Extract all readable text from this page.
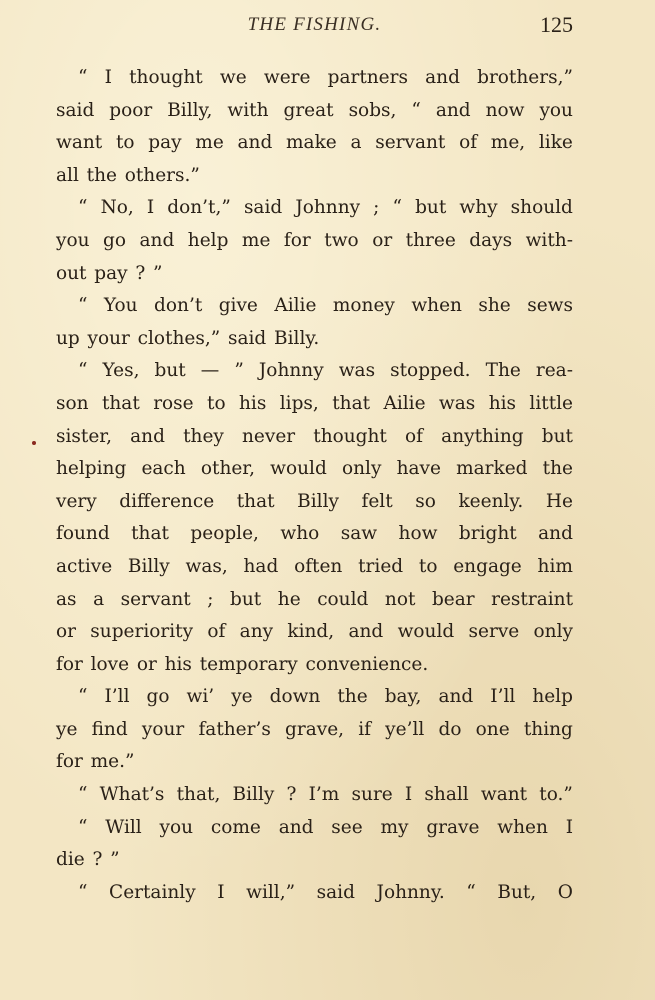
THE FISHING.	125
“ I thought we were partners and brothers,”
said poor Billy, with great sobs, “ and now you
want to pay me and make a servant of me, like
all the others.”
“ No, I don’t,” said Johnny ; “ but why should
you go and help me for two or three days with-
out pay ? ”
“ You don’t give Ailie money when she sews
up your clothes,” said Billy.
“ Yes, but — ” Johnny was stopped. The rea-
son that rose to his lips, that Ailie was his little
sister, and they never thought of anything but
helping each other, would only have marked the
very difference that Billy felt so keenly. He
found that people, who saw how bright and
active Billy was, had often tried to engage him
as a servant ; but he could not bear restraint
or superiority of any kind, and would serve only
for love or his temporary convenience.
“ I’ll go wi’ ye down the bay, and I’ll help
ye find your father’s grave, if ye’ll do one thing
for me.”
“ What’s that, Billy ? I’m sure I shall want to.”
“ Will you come and see my grave when I
die ? ”
“ Certainly I will,” said Johnny. “ But, O
